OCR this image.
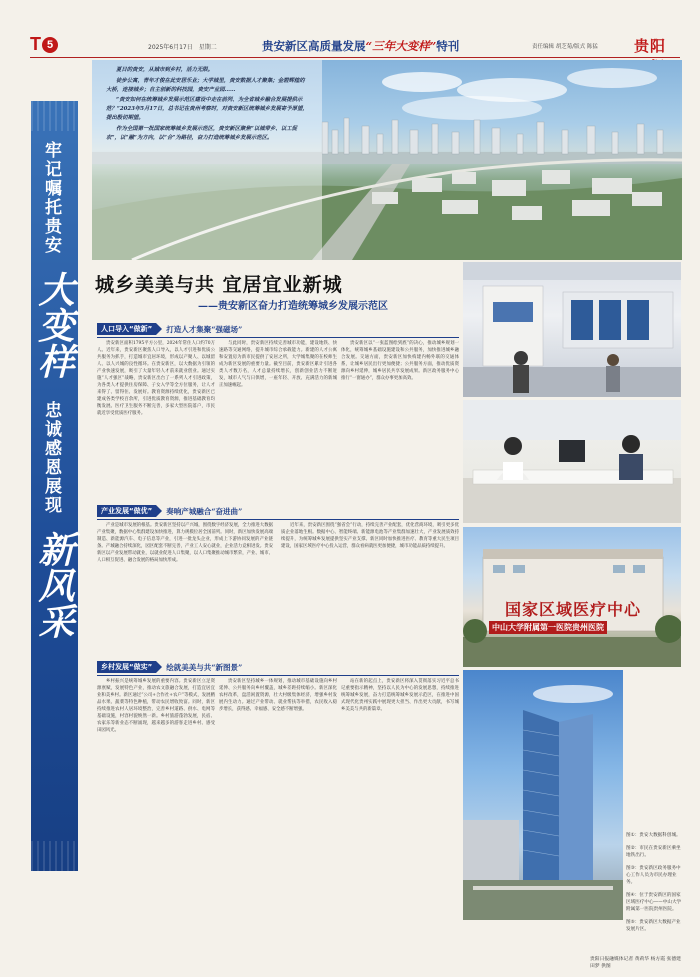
T 5	2025年6月17日 星期二	贵安新区高质量发展“三年大变样”特刊	责任编辑 胡芝菊/版式 陈猛 贵阳
牢记嘱托贵安
大变样
忠诚感恩展现
新风采

夏日的贵安，从城市到乡村，活力无限。

徒步公寓，青年才俊在此安居乐业；大学城里，贵安数据人才聚集；金碧辉煌的大桥，连接城乡；自主创新的科技园，贵安产业园……

“贵安如何在统筹城乡发展示范区建设中走在前列、为全省城乡融合发展提供示范？”2023年5月17日，总书记在贵州考察时，对贵安新区统筹城乡发展寄予厚望，提出殷切期望。

作为全国第一批国家统筹城乡发展示范区，贵安新区聚焦“以城带乡、以工促农”，以“融”为方向，以“合”为路径，奋力打造统筹城乡发展示范区。

城乡美美与共 宜居宜业新城
——贵安新区奋力打造统筹城乡发展示范区
国家区域医疗中心
中山大学附属第一医院贵州医院

图①：贵安大数据科创城。

图②：市民在贵安新区乘坐地铁出行。

图③：贵安新区政务服务中心工作人员为市民办理业务。

图④：位于贵安新区的国家区域医疗中心——中山大学附属第一医院贵州医院。

图⑤：贵安新区大数据产业发展片区。

贵阳日报融媒体记者 黄莉华 杨方霞 张德建 田梦 供图
人口导入“做新”	打造人才集聚“强磁场”

贵安新区面积1795平方公里，2024年常住人口约70万人。近年来，贵安新区聚焦人口导入，以人才引进和优质公共服务为抓手，打造城市宜居环境，形成以产聚人、以城留人、以人兴城的良性循环。在贵安新区，以大数据为引领的产业快速发展，吸引了大量年轻人才前来就业创业。通过实施“人才强区”战略，贵安新区出台了一系列人才引进政策，为各类人才提供住房保障、子女入学等全方位服务，让人才来得了、留得住、发展好。教育资源持续优化，贵安新区已建成各类学校百余所，引进优质教育资源，推进基础教育均衡发展。医疗卫生服务不断完善，多家大型医院落户，市民就近享受优质医疗服务。

与此同时，贵安新区持续完善城市功能，建设地铁、快速路等交通网络，提升城市综合承载能力。新建的人才公寓和安置房为新市民提供了安居之所，大学城集聚的在校师生成为新区发展的重要力量。截至目前，贵安新区累计引进各类人才数万名，人才总量持续增长，创新创业活力不断迸发，城市人气与日俱增，一座年轻、开放、充满活力的新城正加速崛起。

贵安新区以“一张蓝图绘到底”的决心，推动城乡规划一体化，统筹城乡基础设施建设和公共服务，加快推进城乡融合发展。交通方面，贵安新区加快构建内畅外联的交通体系，让城乡居民出行更加便捷；公共服务方面，推动优质资源向乡村延伸，城乡居民共享发展成果。新区政务服务中心推行“一窗通办”，群众办事更加高效。

产业发展“做优”	奏响产城融合“奋进曲”

产业是城市发展的根基。贵安新区坚持以产兴城，围绕数字经济发展，全力推进大数据产业集聚，数据中心集群建设加快推进，算力规模位居全国前列。同时，新区加快发展高端制造、新能源汽车、电子信息等产业，引进一批龙头企业，形成上下游协同发展的产业链条。产城融合持续深化，园区配套不断完善，产业工人安心就业，企业活力竞相迸发。贵安新区以产业发展带动就业，以就业促进人口集聚，以人口集聚推动城市繁荣，产业、城市、人口相互促进、融合发展的格局加快形成。

近年来，贵安新区围绕“强省会”行动，持续完善产业配套，优化营商环境，吸引更多优质企业落地生根。数据中心、智能终端、新能源电池等产业集群加速壮大，产业发展质效持续提升，为统筹城乡发展提供坚实产业支撑。新区同时加快推进医疗、教育等重大民生项目建设，国家区域医疗中心投入运营，群众看病就医更加便捷，城市功能品质持续提升。

乡村发展“做实”	绘就美美与共“新图景”

乡村振兴是统筹城乡发展的重要内容。贵安新区立足资源禀赋，发展特色产业，推动农文旅融合发展，打造宜居宜业和美乡村。新区通过“公司+合作社+农户”等模式，发展精品水果、蔬菜等特色种植，带动农民增收致富。同时，新区持续推进农村人居环境整治，完善乡村道路、供水、电网等基础设施，村容村貌焕然一新。乡村旅游蓬勃发展，民宿、农家乐等新业态不断涌现，越来越多的游客走进乡村、感受田园风光。

贵安新区坚持城乡一体规划，推动城市基础设施向乡村延伸、公共服务向乡村覆盖，城乡差距持续缩小。新区深化农村改革，盘活闲置资源，壮大村级集体经济，增强乡村发展内生动力。通过产业带动、就业帮扶等举措，农民收入稳步增长，获得感、幸福感、安全感不断增强。

站在新的起点上，贵安新区将深入贯彻落实习近平总书记重要指示精神，坚持以人民为中心的发展思想，持续推进统筹城乡发展，奋力打造统筹城乡发展示范区，在推进中国式现代化贵州实践中展现更大担当、作出更大贡献，书写城乡美美与共的新篇章。
